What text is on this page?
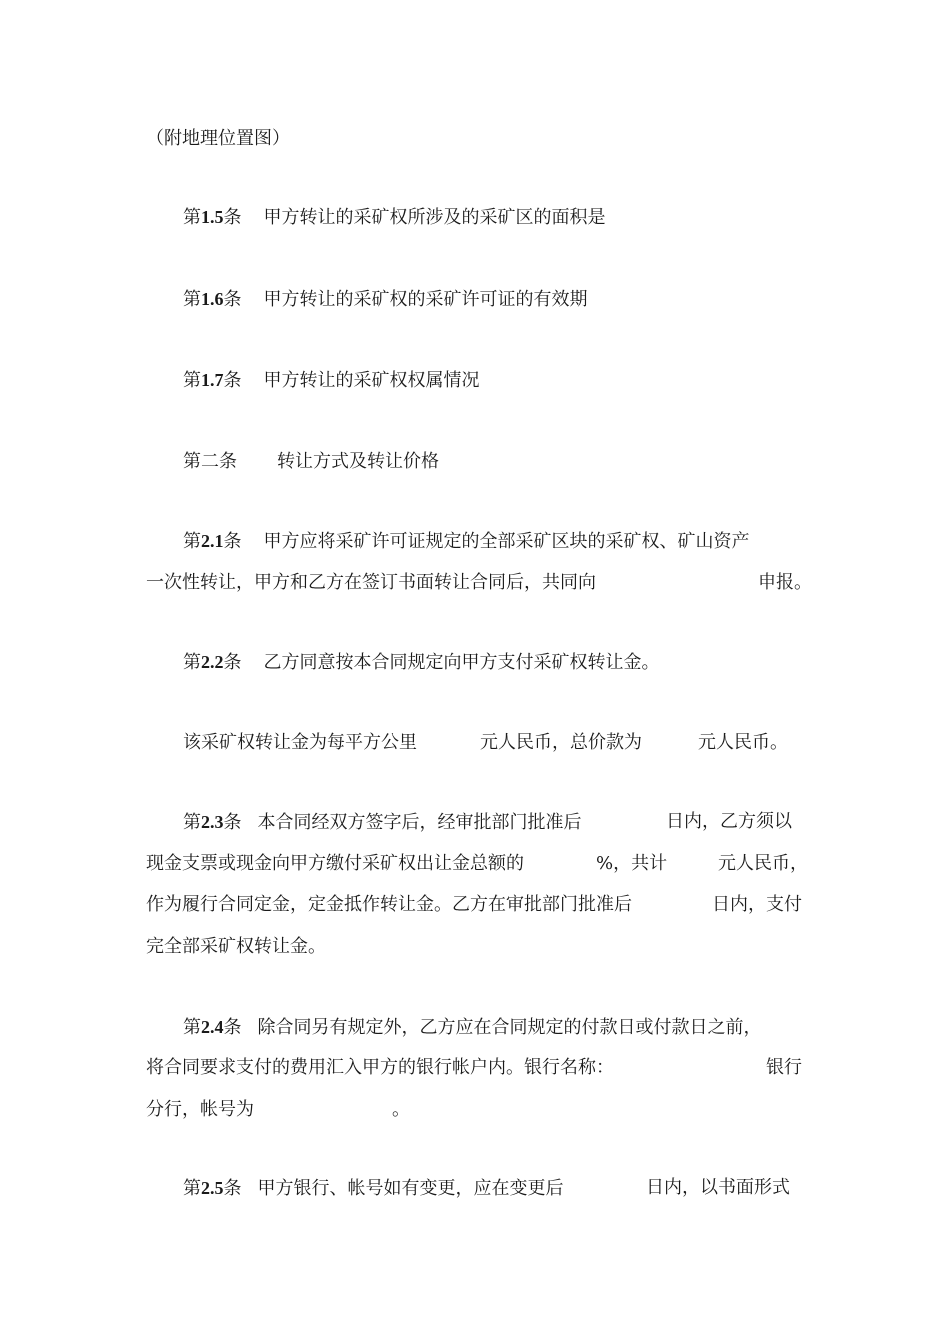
（附地理位置图）
第1.5条 甲方转让的采矿权所涉及的采矿区的面积是
第1.6条 甲方转让的采矿权的采矿许可证的有效期
第1.7条 甲方转让的采矿权权属情况
第二条 转让方式及转让价格
第2.1条 甲方应将采矿许可证规定的全部采矿区块的采矿权、矿山资产
一次性转让，甲方和乙方在签订书面转让合同后，共同向	申报。
第2.2条 乙方同意按本合同规定向甲方支付采矿权转让金。
该采矿权转让金为每平方公里	元人民币，总价款为	元人民币。
第2.3条 本合同经双方签字后，经审批部门批准后	日内，乙方须以
现金支票或现金向甲方缴付采矿权出让金总额的	%，共计	元人民币，
作为履行合同定金，定金抵作转让金。乙方在审批部门批准后	日内，支付
完全部采矿权转让金。
第2.4条 除合同另有规定外，乙方应在合同规定的付款日或付款日之前，
将合同要求支付的费用汇入甲方的银行帐户内。银行名称：	银行
分行，帐号为	。
第2.5条 甲方银行、帐号如有变更，应在变更后	日内，以书面形式
